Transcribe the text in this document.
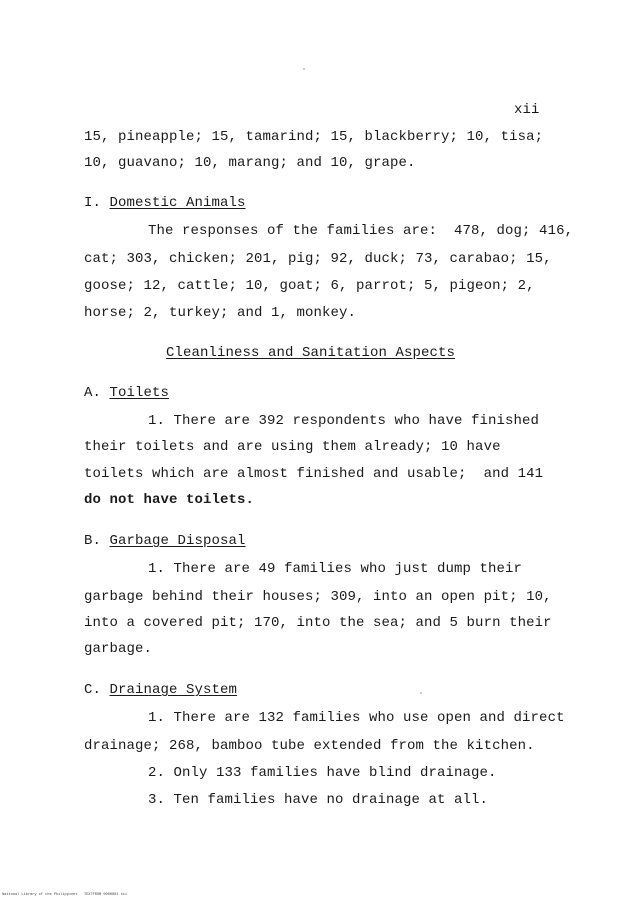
xii
15, pineapple; 15, tamarind; 15, blackberry; 10, tisa;
10, guavano; 10, marang; and 10, grape.
I. Domestic Animals
The responses of the families are:  478, dog; 416,
cat; 303, chicken; 201, pig; 92, duck; 73, carabao; 15,
goose; 12, cattle; 10, goat; 6, parrot; 5, pigeon; 2,
horse; 2, turkey; and 1, monkey.
Cleanliness and Sanitation Aspects
A. Toilets
1. There are 392 respondents who have finished
their toilets and are using them already; 10 have
toilets which are almost finished and usable;  and 141
do not have toilets.
B. Garbage Disposal
1. There are 49 families who just dump their
garbage behind their houses; 309, into an open pit; 10,
into a covered pit; 170, into the sea; and 5 burn their
garbage.
C. Drainage System
1. There are 132 families who use open and direct
drainage; 268, bamboo tube extended from the kitchen.
2. Only 133 families have blind drainage.
3. Ten families have no drainage at all.
National Library of the Philippines   TEXTFROM 0000001 xii
